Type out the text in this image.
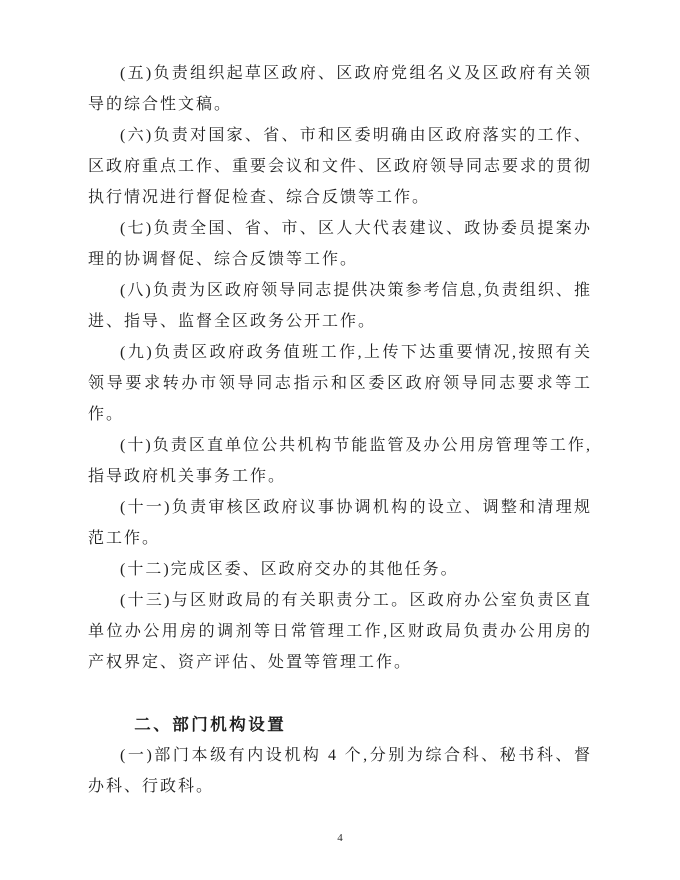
(五)负责组织起草区政府、区政府党组名义及区政府有关领导的综合性文稿。

(六)负责对国家、省、市和区委明确由区政府落实的工作、区政府重点工作、重要会议和文件、区政府领导同志要求的贯彻执行情况进行督促检查、综合反馈等工作。

(七)负责全国、省、市、区人大代表建议、政协委员提案办理的协调督促、综合反馈等工作。

(八)负责为区政府领导同志提供决策参考信息,负责组织、推进、指导、监督全区政务公开工作。

(九)负责区政府政务值班工作,上传下达重要情况,按照有关领导要求转办市领导同志指示和区委区政府领导同志要求等工作。

(十)负责区直单位公共机构节能监管及办公用房管理等工作,指导政府机关事务工作。

(十一)负责审核区政府议事协调机构的设立、调整和清理规范工作。

(十二)完成区委、区政府交办的其他任务。

(十三)与区财政局的有关职责分工。区政府办公室负责区直单位办公用房的调剂等日常管理工作,区财政局负责办公用房的产权界定、资产评估、处置等管理工作。

二、部门机构设置

(一)部门本级有内设机构 4 个,分别为综合科、秘书科、督办科、行政科。

4
